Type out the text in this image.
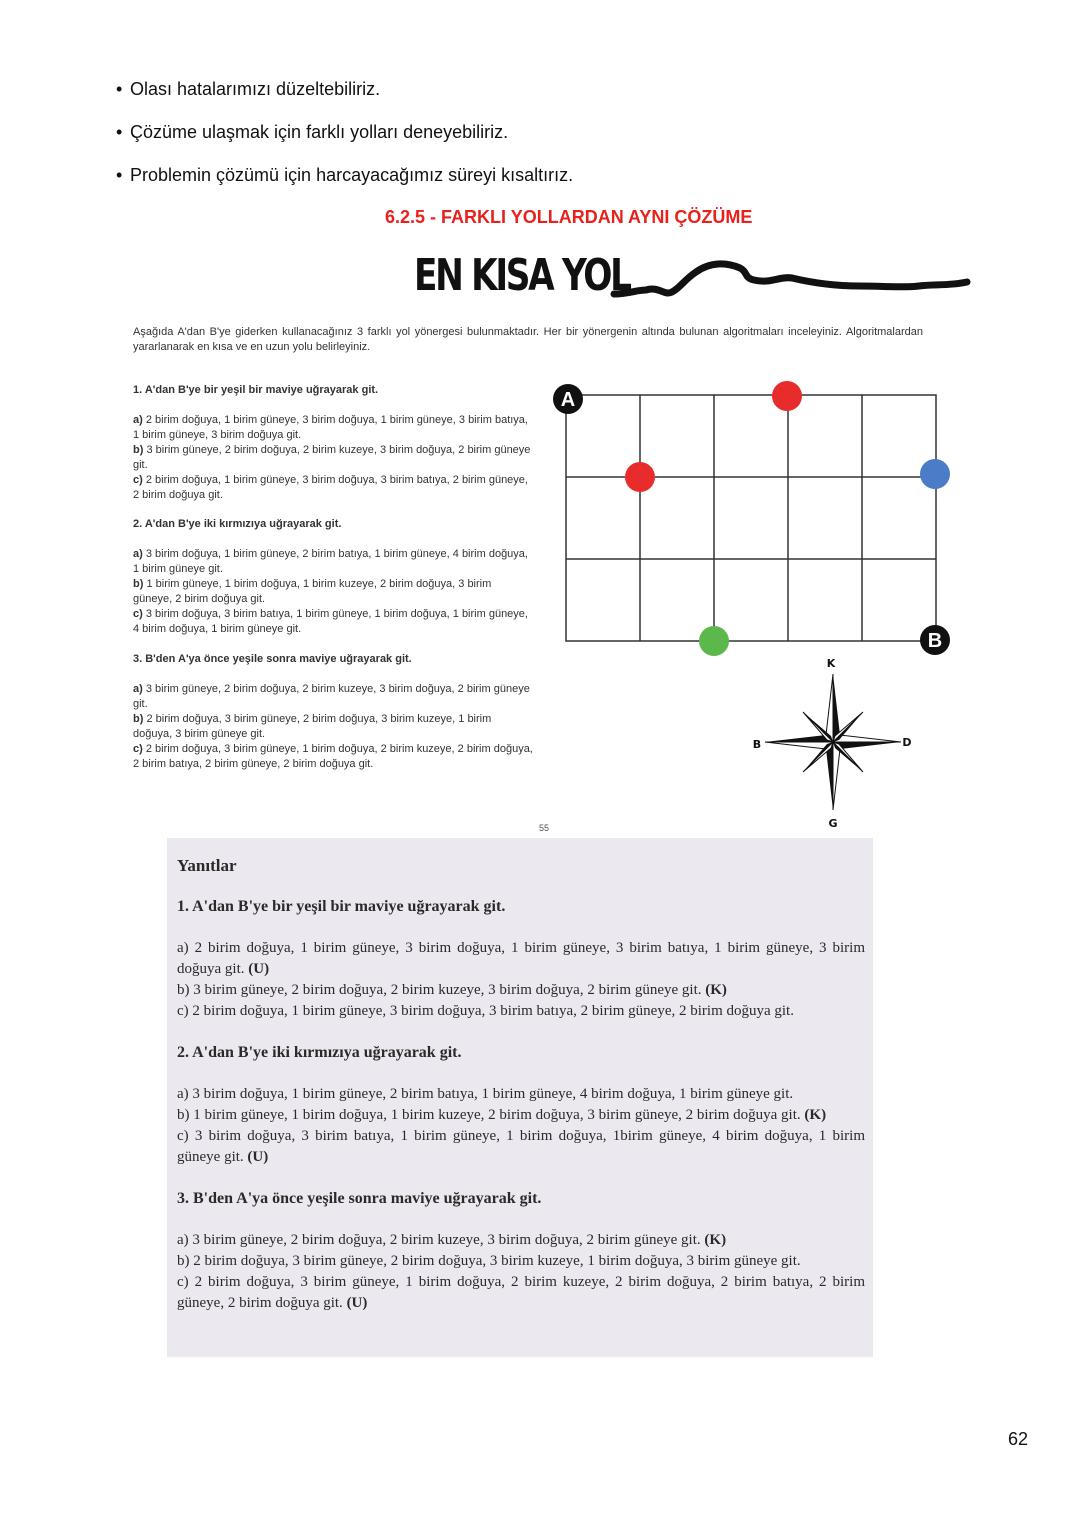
• Olası hatalarımızı düzeltebiliriz.
• Çözüme ulaşmak için farklı yolları deneyebiliriz.
• Problemin çözümü için harcayacağımız süreyi kısaltırız.
6.2.5 - FARKLI YOLLARDAN AYNI ÇÖZÜME
EN KISA YOL
Aşağıda A'dan B'ye giderken kullanacağınız 3 farklı yol yönergesi bulunmaktadır. Her bir yönergenin altında bulunan algoritmaları inceleyiniz. Algoritmalardan yararlanarak en kısa ve en uzun yolu belirleyiniz.
1. A'dan B'ye bir yeşil bir maviye uğrayarak git.
a) 2 birim doğuya, 1 birim güneye, 3 birim doğuya, 1 birim güneye, 3 birim batıya, 1 birim güneye, 3 birim doğuya git.
b) 3 birim güneye, 2 birim doğuya, 2 birim kuzeye, 3 birim doğuya, 2 birim güneye git.
c) 2 birim doğuya, 1 birim güneye, 3 birim doğuya, 3 birim batıya, 2 birim güneye, 2 birim doğuya git.
2. A'dan B'ye iki kırmızıya uğrayarak git.
a) 3 birim doğuya, 1 birim güneye, 2 birim batıya, 1 birim güneye, 4 birim doğuya, 1 birim güneye git.
b) 1 birim güneye, 1 birim doğuya, 1 birim kuzeye, 2 birim doğuya, 3 birim güneye, 2 birim doğuya git.
c) 3 birim doğuya, 3 birim batıya, 1 birim güneye, 1 birim doğuya, 1 birim güneye, 4 birim doğuya, 1 birim güneye git.
3. B'den A'ya önce yeşile sonra maviye uğrayarak git.
a) 3 birim güneye, 2 birim doğuya, 2 birim kuzeye, 3 birim doğuya, 2 birim güneye git.
b) 2 birim doğuya, 3 birim güneye, 2 birim doğuya, 3 birim kuzeye, 1 birim doğuya, 3 birim güneye git.
c) 2 birim doğuya, 3 birim güneye, 1 birim doğuya, 2 birim kuzeye, 2 birim doğuya, 2 birim batıya, 2 birim güneye, 2 birim doğuya git.
A
B
K
G
D
B
55
Yanıtlar
1. A'dan B'ye bir yeşil bir maviye uğrayarak git.
a) 2 birim doğuya, 1 birim güneye, 3 birim doğuya, 1 birim güneye, 3 birim batıya, 1 birim güneye, 3 birim doğuya git. (U)
b) 3 birim güneye, 2 birim doğuya, 2 birim kuzeye, 3 birim doğuya, 2 birim güneye git. (K)
c) 2 birim doğuya, 1 birim güneye, 3 birim doğuya, 3 birim batıya, 2 birim güneye, 2 birim doğuya git.
2. A'dan B'ye iki kırmızıya uğrayarak git.
a) 3 birim doğuya, 1 birim güneye, 2 birim batıya, 1 birim güneye, 4 birim doğuya, 1 birim güneye git.
b) 1 birim güneye, 1 birim doğuya, 1 birim kuzeye, 2 birim doğuya, 3 birim güneye, 2 birim doğuya git. (K)
c) 3 birim doğuya, 3 birim batıya, 1 birim güneye, 1 birim doğuya, 1birim güneye, 4 birim doğuya, 1 birim güneye git. (U)
3. B'den A'ya önce yeşile sonra maviye uğrayarak git.
a) 3 birim güneye, 2 birim doğuya, 2 birim kuzeye, 3 birim doğuya, 2 birim güneye git. (K)
b) 2 birim doğuya, 3 birim güneye, 2 birim doğuya, 3 birim kuzeye, 1 birim doğuya, 3 birim güneye git.
c) 2 birim doğuya, 3 birim güneye, 1 birim doğuya, 2 birim kuzeye, 2 birim doğuya, 2 birim batıya, 2 birim güneye, 2 birim doğuya git. (U)
62
